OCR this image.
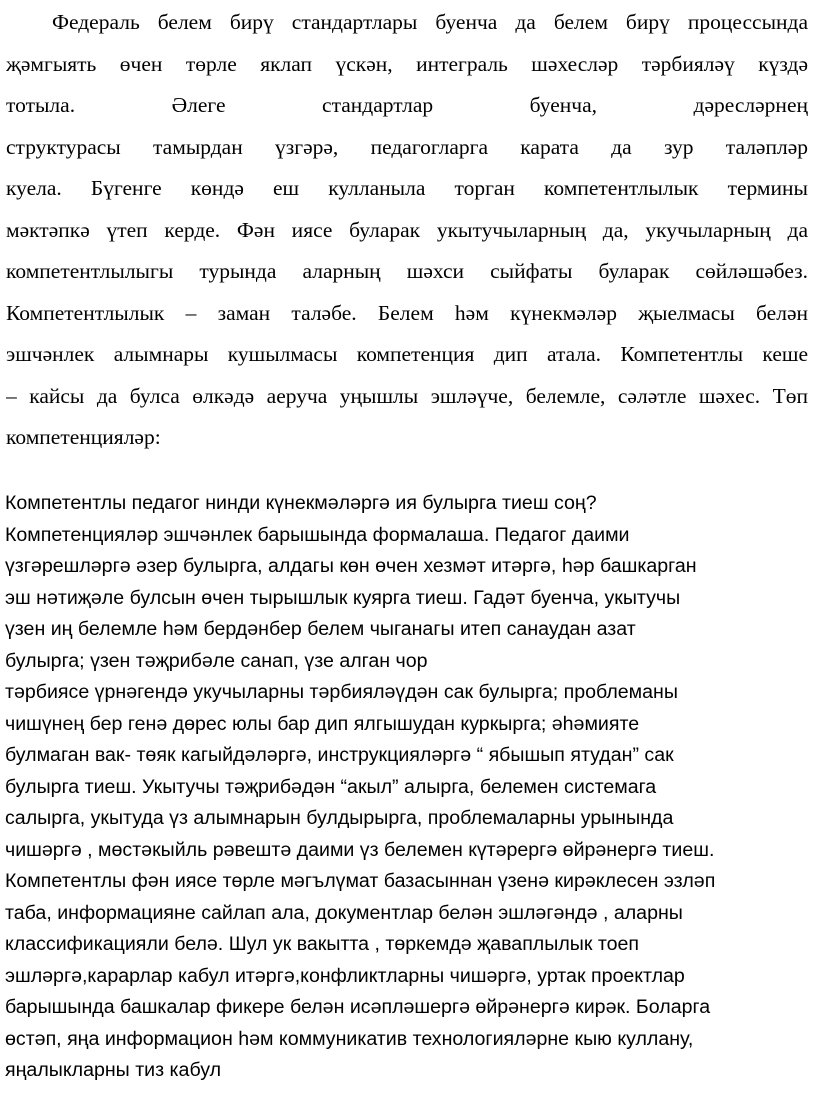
Федераль белем бирү стандартлары буенча да белем бирү процессында
җәмгыять өчен төрле яклап үскән, интеграль шәхесләр тәрбияләү күздә
тотыла. Әлеге стандартлар буенча, дәресләрнең
структурасы тамырдан үзгәрә, педагогларга карата да зур таләпләр
куела. Бүгенге көндә еш кулланыла торган компетентлылык термины
мәктәпкә үтеп керде. Фән иясе буларак укытучыларның да, укучыларның да
компетентлылыгы турында аларның шәхси сыйфаты буларак сөйләшәбез.
Компетентлылык – заман таләбе. Белем һәм күнекмәләр җыелмасы белән
эшчәнлек алымнары кушылмасы компетенция дип атала. Компетентлы кеше
– кайсы да булса өлкәдә аеруча уңышлы эшләүче, белемле, сәләтле шәхес. Төп
компетенцияләр:
Компетентлы педагог нинди күнекмәләргә ия булырга тиеш соң?
Компетенцияләр эшчәнлек барышында формалаша. Педагог даими
үзгәрешләргә әзер булырга, алдагы көн өчен хезмәт итәргә, һәр башкарган
эш нәтиҗәле булсын өчен тырышлык куярга тиеш. Гадәт буенча, укытучы
үзен иң белемле һәм бердәнбер белем чыганагы итеп санаудан азат
булырга; үзен тәҗрибәле санап, үзе алган чор
тәрбиясе үрнәгендә укучыларны тәрбияләүдән сак булырга; проблеманы
чишүнең бер генә дөрес юлы бар дип ялгышудан куркырга; әһәмияте
булмаган вак- төяк кагыйдәләргә, инструкцияләргә “ ябышып ятудан” сак
булырга тиеш. Укытучы тәҗрибәдән “акыл” алырга, белемен системага
салырга, укытуда үз алымнарын булдырырга, проблемаларны урынында
чишәргә , мөстәкыйль рәвештә даими үз белемен күтәрергә өйрәнергә тиеш.
Компетентлы фән иясе төрле мәгълүмат базасыннан үзенә кирәклесен эзләп
таба, информацияне сайлап ала, документлар белән эшләгәндә , аларны
классификацияли белә. Шул ук вакытта , төркемдә җаваплылык тоеп
эшләргә,карарлар кабул итәргә,конфликтларны чишәргә, уртак проектлар
барышында башкалар фикере белән исәпләшергә өйрәнергә кирәк. Боларга
өстәп, яңа информацион һәм коммуникатив технологияләрне кыю куллану,
яңалыкларны тиз кабул
